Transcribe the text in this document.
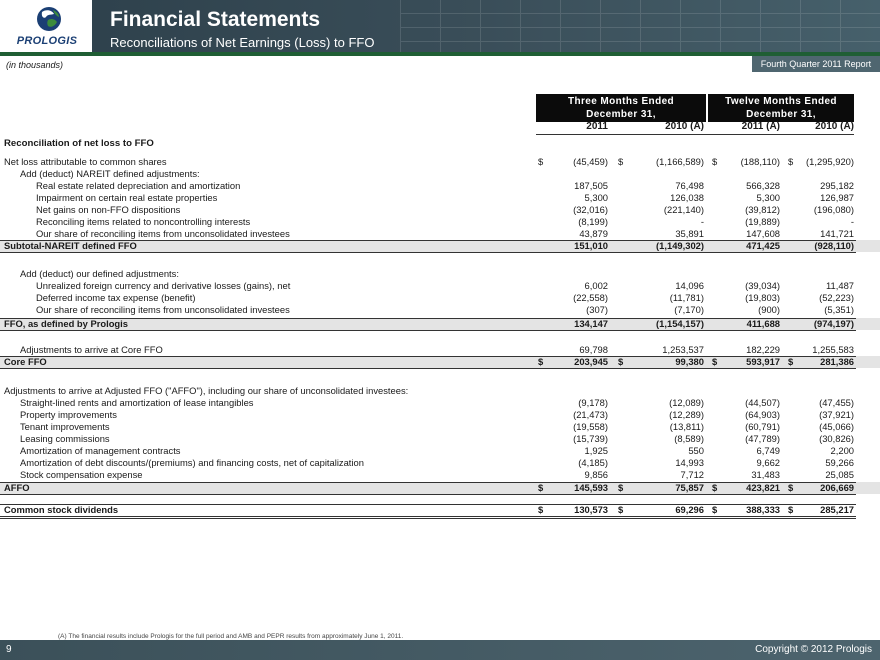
PROLOGIS
Financial Statements
Reconciliations of Net Earnings (Loss) to FFO
(in thousands)	Fourth Quarter 2011 Report
Three Months Ended
December 31,
Twelve Months Ended
December 31,
2011	2010 (A)	2011 (A)	2010 (A)
Reconciliation of net loss to FFO
Net loss attributable to common shares	$	(45,459) $	(1,166,589) $	(188,110) $	(1,295,920)
Add (deduct) NAREIT defined adjustments:
Real estate related depreciation and amortization	187,505	76,498	566,328	295,182
Impairment on certain real estate properties	5,300	126,038	5,300	126,987
Net gains on non-FFO dispositions	(32,016)	(221,140)	(39,812)	(196,080)
Reconciling items related to noncontrolling interests	(8,199)	-	(19,889)	-
Our share of reconciling items from unconsolidated investees	43,879	35,891	147,608	141,721
Subtotal-NAREIT defined FFO	151,010	(1,149,302)	471,425	(928,110)
Add (deduct) our defined adjustments:
Unrealized foreign currency and derivative losses (gains), net	6,002	14,096	(39,034)	11,487
Deferred income tax expense (benefit)	(22,558)	(11,781)	(19,803)	(52,223)
Our share of reconciling items from unconsolidated investees	(307)	(7,170)	(900)	(5,351)
FFO, as defined by Prologis	134,147	(1,154,157)	411,688	(974,197)
Adjustments to arrive at Core FFO	69,798	1,253,537	182,229	1,255,583
Core FFO	$	203,945 $	99,380 $	593,917 $	281,386
Adjustments to arrive at Adjusted FFO ("AFFO"), including our share of unconsolidated investees:
Straight-lined rents and amortization of lease intangibles	(9,178)	(12,089)	(44,507)	(47,455)
Property improvements	(21,473)	(12,289)	(64,903)	(37,921)
Tenant improvements	(19,558)	(13,811)	(60,791)	(45,066)
Leasing commissions	(15,739)	(8,589)	(47,789)	(30,826)
Amortization of management contracts	1,925	550	6,749	2,200
Amortization of debt discounts/(premiums) and financing costs, net of capitalization	(4,185)	14,993	9,662	59,266
Stock compensation expense	9,856	7,712	31,483	25,085
AFFO	$	145,593 $	75,857 $	423,821 $	206,669
Common stock dividends	$	130,573 $	69,296 $	388,333 $	285,217
(A) The financial results include Prologis for the full period and AMB and PEPR results from approximately June 1, 2011.
9	Copyright © 2012 Prologis
